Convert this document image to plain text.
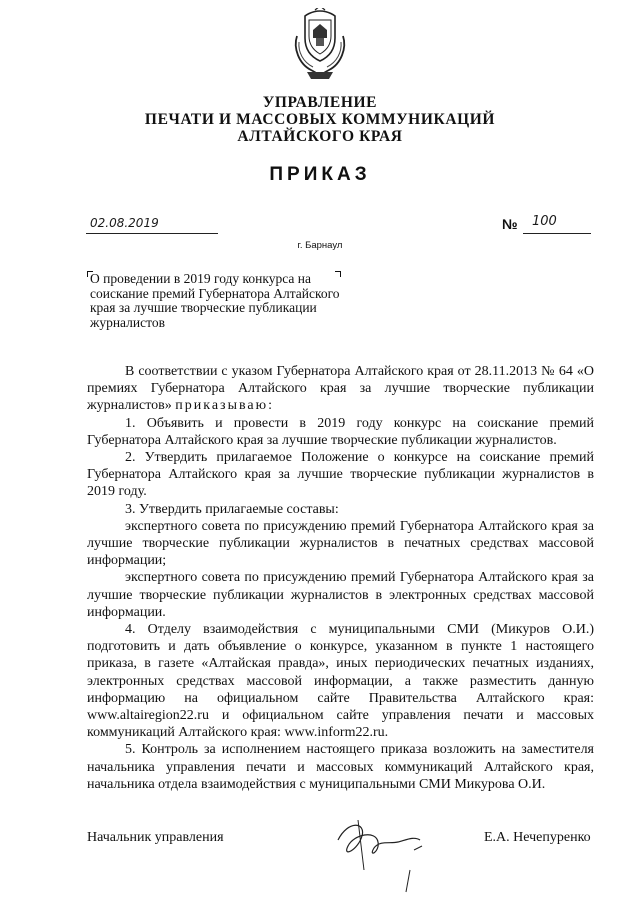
УПРАВЛЕНИЕ
ПЕЧАТИ И МАССОВЫХ КОММУНИКАЦИЙ
АЛТАЙСКОГО КРАЯ
ПРИКАЗ
02.08.2019	№ 100
г. Барнаул
О проведении в 2019 году конкурса на соискание премий Губернатора Алтайского края за лучшие творческие публикации журналистов

В соответствии с указом Губернатора Алтайского края от 28.11.2013 № 64 «О премиях Губернатора Алтайского края за лучшие творческие публикации журналистов» приказываю:

1. Объявить и провести в 2019 году конкурс на соискание премий Губернатора Алтайского края за лучшие творческие публикации журналистов.

2. Утвердить прилагаемое Положение о конкурсе на соискание премий Губернатора Алтайского края за лучшие творческие публикации журналистов в 2019 году.

3. Утвердить прилагаемые составы:

экспертного совета по присуждению премий Губернатора Алтайского края за лучшие творческие публикации журналистов в печатных средствах массовой информации;

экспертного совета по присуждению премий Губернатора Алтайского края за лучшие творческие публикации журналистов в электронных средствах массовой информации.

4. Отделу взаимодействия с муниципальными СМИ (Микуров О.И.) подготовить и дать объявление о конкурсе, указанном в пункте 1 настоящего приказа, в газете «Алтайская правда», иных периодических печатных изданиях, электронных средствах массовой информации, а также разместить данную информацию на официальном сайте Правительства Алтайского края: www.altairegion22.ru и официальном сайте управления печати и массовых коммуникаций Алтайского края: www.inform22.ru.

5. Контроль за исполнением настоящего приказа возложить на заместителя начальника управления печати и массовых коммуникаций Алтайского края, начальника отдела взаимодействия с муниципальными СМИ Микурова О.И.

Начальник управления	Е.А. Нечепуренко
